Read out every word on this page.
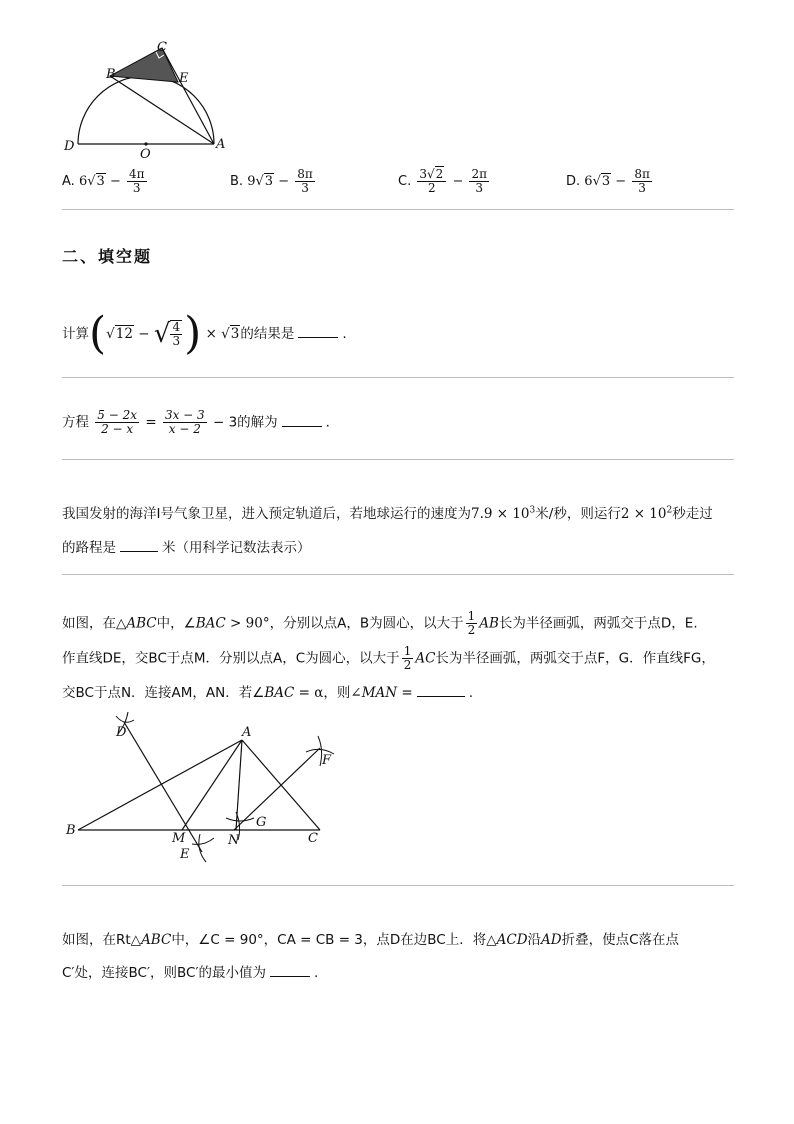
C
B	E
D
O
A
A. $6√3 - \frac{4\pi}{3}$	B. $9√3 - \frac{8\pi}{3}$	C. $\frac{3√2}{2} - \frac{2\pi}{3}$	D. $6√3 - \frac{8\pi}{3}$
二、填空题
计算(√12 − √ $\frac{4}{3}$ ) × √3的结果是	.
方程 $\frac{5 - 2x}{2 - x} = \frac{3x - 3}{x - 2} - 3$的解为	.
我国发射的海洋Ⅰ号气象卫星，进入预定轨道后，若地球运行的速度为$7.9 \times 10^3$米/秒，则运行$2 \times 10^2$秒走过
的路程是	米（用科学记数法表示）
如图，在△ABC中，∠BAC > 90°，分别以点A，B为圆心，以大于 $\frac{1}{2}$ AB长为半径画弧，两弧交于点D，E.
作直线DE，交BC于点M．分别以点A，C为圆心，以大于 $\frac{1}{2}$ AC长为半径画弧，两弧交于点F，G．作直线FG，
交BC于点N．连接AM，AN．若∠BAC = α，则∠MAN =	.
D	A
F
B
M
G
N	C
E
如图，在Rt△ABC中，∠C = 90°，CA = CB = 3，点D在边BC上．将△ACD沿AD折叠，使点C落在点
C′处，连接BC′，则BC′的最小值为	.
